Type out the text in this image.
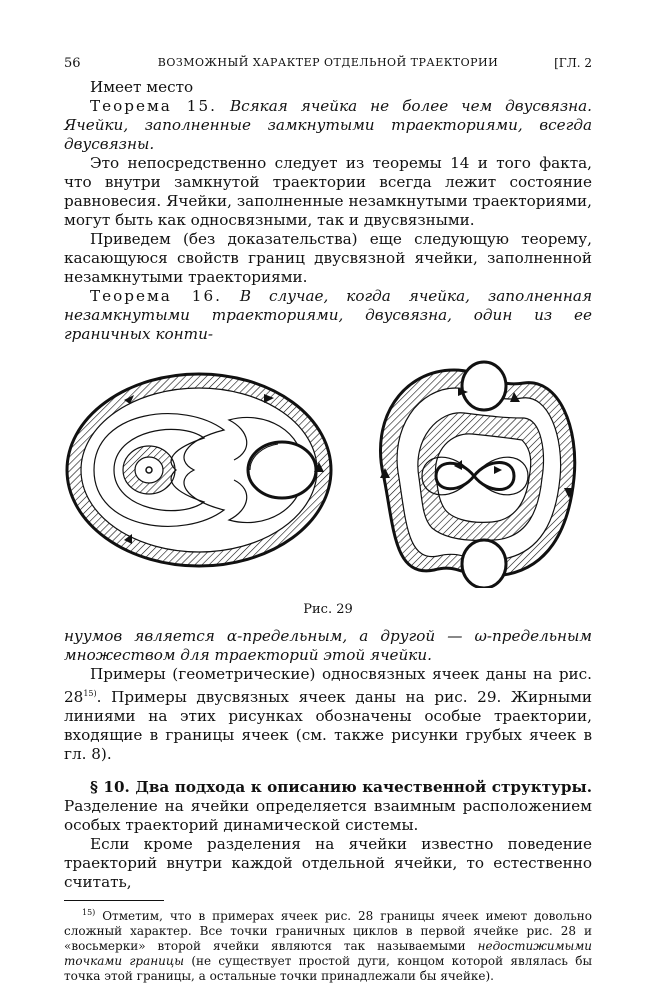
56	ВОЗМОЖНЫЙ ХАРАКТЕР ОТДЕЛЬНОЙ ТРАЕКТОРИИ	[ГЛ. 2

Имеет место

Теорема 15. Всякая ячейка не более чем двусвязна. Ячейки, заполненные замкнутыми траекториями, всегда двусвязны.

Это непосредственно следует из теоремы 14 и того факта, что внутри замкнутой траектории всегда лежит состояние равновесия. Ячейки, заполненные незамкнутыми траекториями, могут быть как односвязными, так и двусвязными.

Приведем (без доказательства) еще следующую теорему, касающуюся свойств границ двусвязной ячейки, заполненной незамкнутыми траекториями.

Теорема 16. В случае, когда ячейка, заполненная незамкнутыми траекториями, двусвязна, один из ее граничных конти-

Рис. 29

нуумов является α-предельным, а другой — ω-предельным множеством для траекторий этой ячейки.

Примеры (геометрические) односвязных ячеек даны на рис. 28$^{15)}$. Примеры двусвязных ячеек даны на рис. 29. Жирными линиями на этих рисунках обозначены особые траектории, входящие в границы ячеек (см. также рисунки грубых ячеек в гл. 8).

§ 10. Два подхода к описанию качественной структуры. Разделение на ячейки определяется взаимным расположением особых траекторий динамической системы.

Если кроме разделения на ячейки известно поведение траекторий внутри каждой отдельной ячейки, то естественно считать,

$^{15)}$ Отметим, что в примерах ячеек рис. 28 границы ячеек имеют довольно сложный характер. Все точки граничных циклов в первой ячейке рис. 28 и «восьмерки» второй ячейки являются так называемыми недостижимыми точками границы (не существует простой дуги, концом которой являлась бы точка этой границы, а остальные точки принадлежали бы ячейке).
